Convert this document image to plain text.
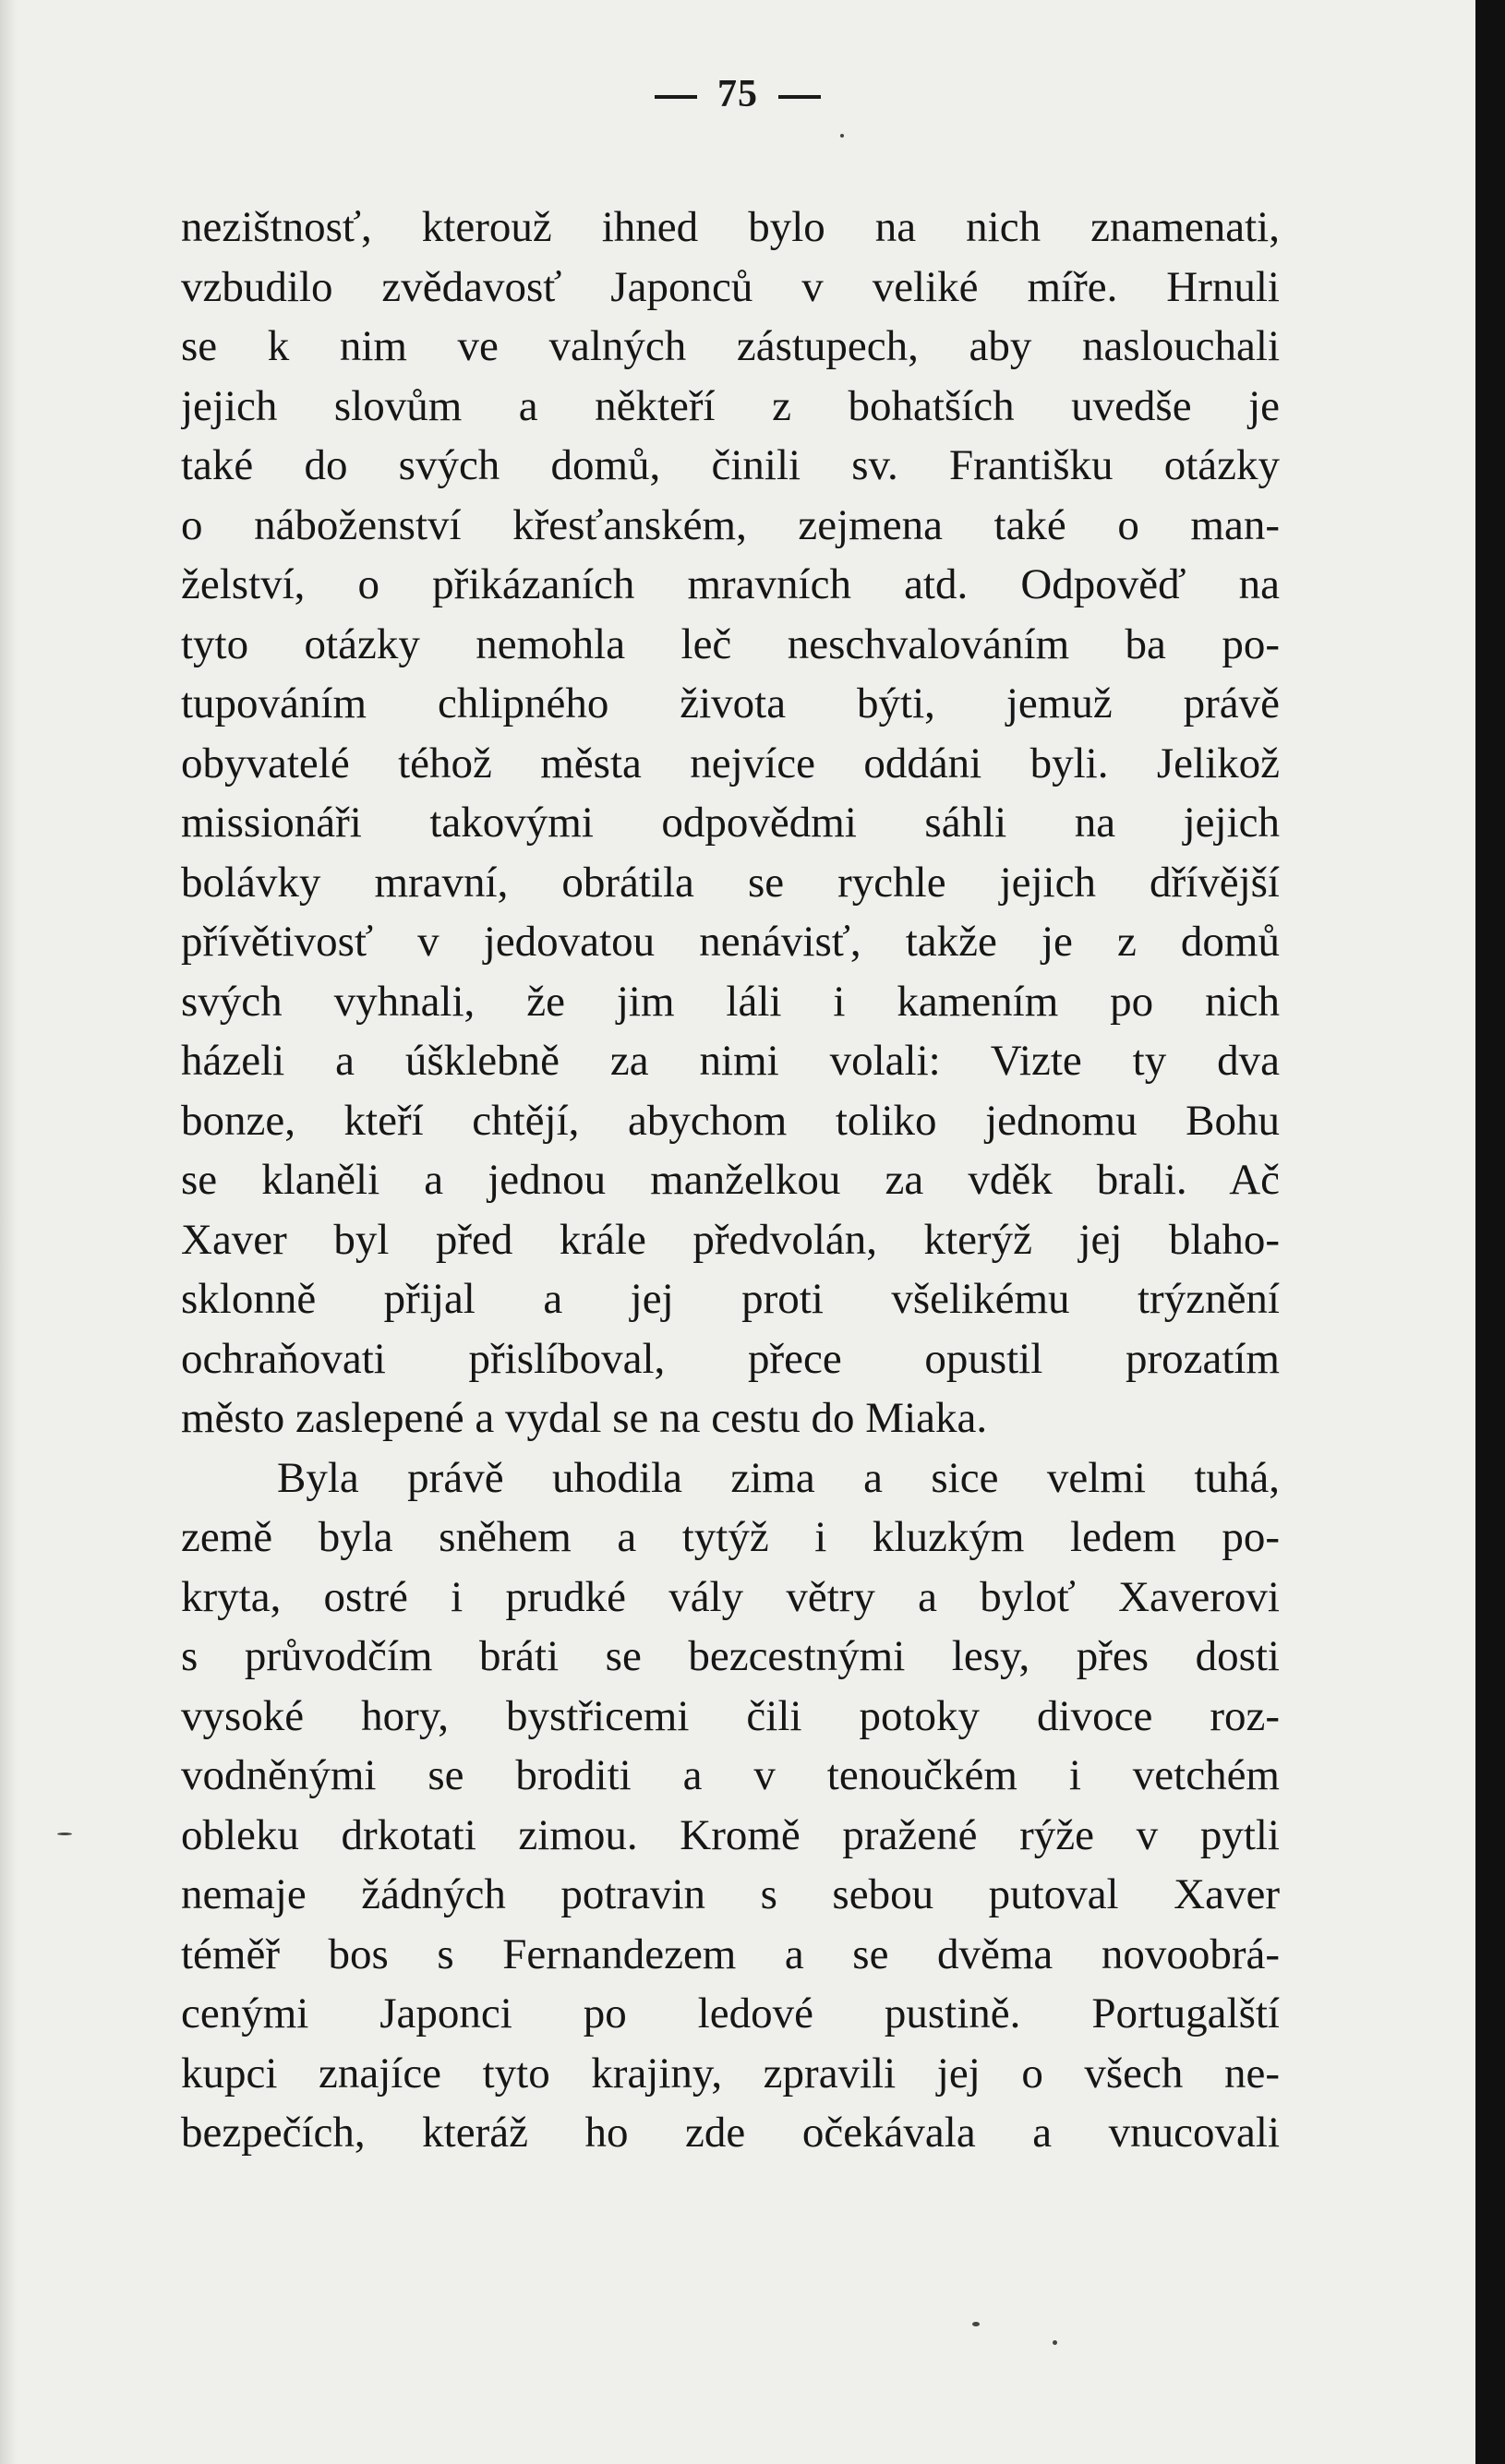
75
nezištnosť, kterouž ihned bylo na nich znamenati,
vzbudilo zvědavosť Japonců v veliké míře. Hrnuli
se k nim ve valných zástupech, aby naslouchali
jejich slovům a někteří z bohatších uvedše je
také do svých domů, činili sv. Františku otázky
o náboženství křesťanském, zejmena také o man-
želství, o přikázaních mravních atd. Odpověď na
tyto otázky nemohla leč neschvalováním ba po-
tupováním chlipného života býti, jemuž právě
obyvatelé téhož města nejvíce oddáni byli. Jelikož
missionáři takovými odpovědmi sáhli na jejich
bolávky mravní, obrátila se rychle jejich dřívější
přívětivosť v jedovatou nenávisť, takže je z domů
svých vyhnali, že jim láli i kamením po nich
házeli a úšklebně za nimi volali: Vizte ty dva
bonze, kteří chtějí, abychom toliko jednomu Bohu
se klaněli a jednou manželkou za vděk brali. Ač
Xaver byl před krále předvolán, kterýž jej blaho-
sklonně přijal a jej proti všelikému trýznění
ochraňovati přislíboval, přece opustil prozatím
město zaslepené a vydal se na cestu do Miaka.
Byla právě uhodila zima a sice velmi tuhá,
země byla sněhem a tytýž i kluzkým ledem po-
kryta, ostré i prudké vály větry a byloť Xaverovi
s průvodčím bráti se bezcestnými lesy, přes dosti
vysoké hory, bystřicemi čili potoky divoce roz-
vodněnými se broditi a v tenoučkém i vetchém
obleku drkotati zimou. Kromě pražené rýže v pytli
nemaje žádných potravin s sebou putoval Xaver
téměř bos s Fernandezem a se dvěma novoobrá-
cenými Japonci po ledové pustině. Portugalští
kupci znajíce tyto krajiny, zpravili jej o všech ne-
bezpečích, kteráž ho zde očekávala a vnucovali
